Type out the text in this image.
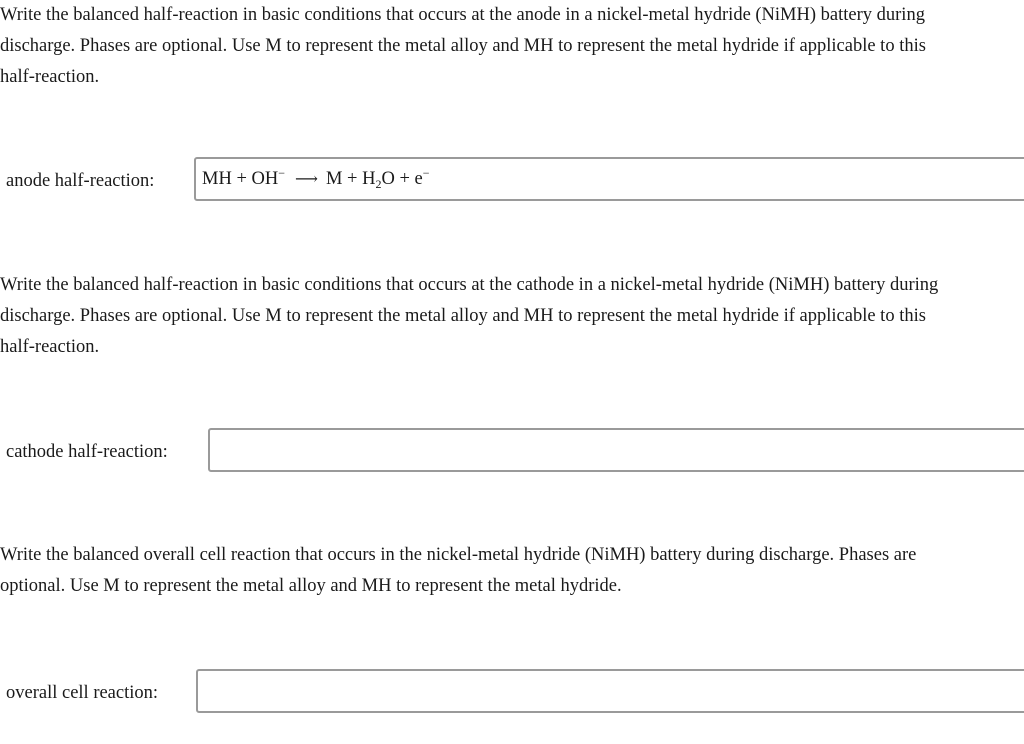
Write the balanced half-reaction in basic conditions that occurs at the anode in a nickel-metal hydride (NiMH) battery during
discharge. Phases are optional. Use M to represent the metal alloy and MH to represent the metal hydride if applicable to this
half-reaction.
anode half-reaction:	MH
+
OH− ⟶ M
+
$H_2O$
+
e−
Write the balanced half-reaction in basic conditions that occurs at the cathode in a nickel-metal hydride (NiMH) battery during
discharge. Phases are optional. Use M to represent the metal alloy and MH to represent the metal hydride if applicable to this
half-reaction.
cathode half-reaction:
Write the balanced overall cell reaction that occurs in the nickel-metal hydride (NiMH) battery during discharge. Phases are
optional. Use M to represent the metal alloy and MH to represent the metal hydride.
overall cell reaction:
